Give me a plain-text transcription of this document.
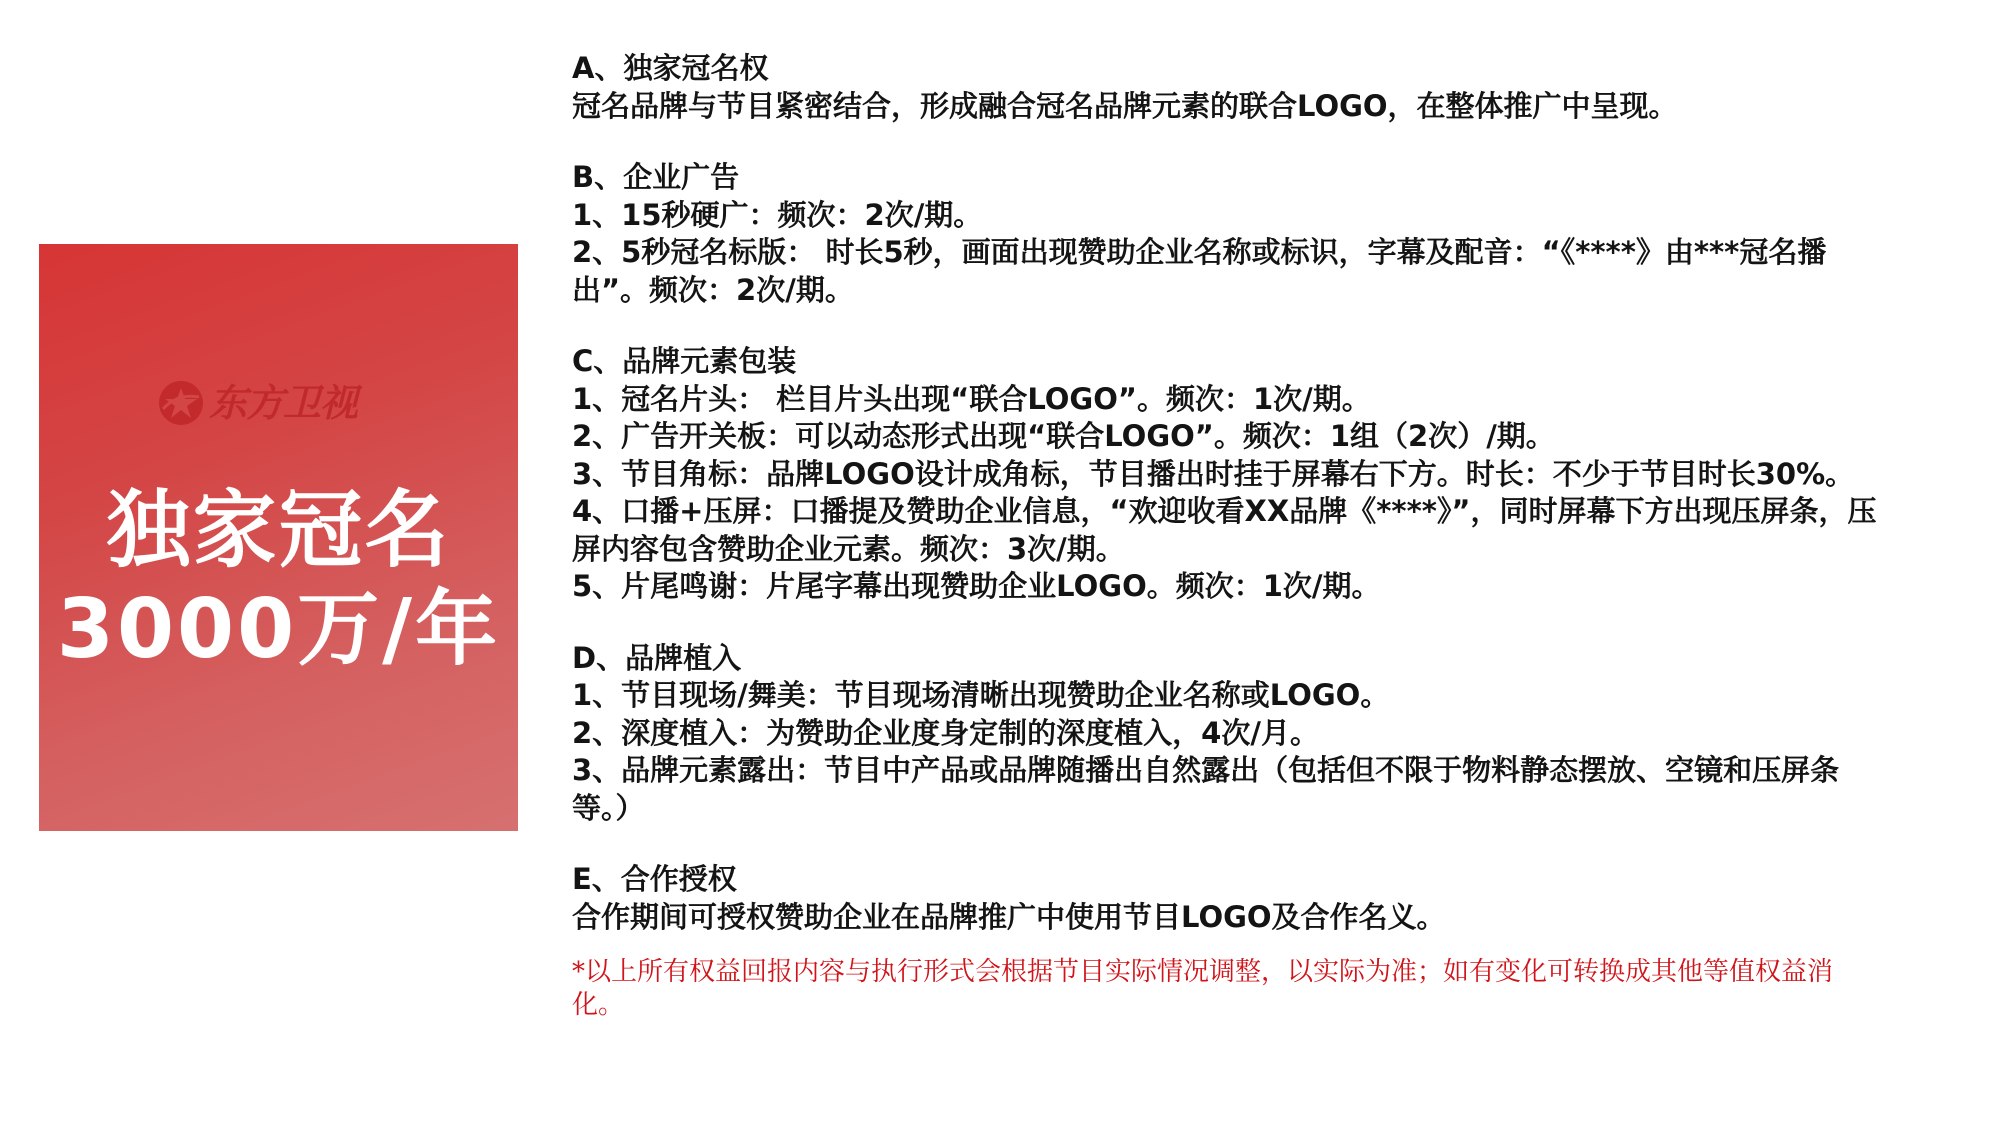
东方卫视
独家冠名
3000万/年

A、独家冠名权

冠名品牌与节目紧密结合，形成融合冠名品牌元素的联合LOGO，在整体推广中呈现。

B、企业广告

1、15秒硬广：频次：2次/期。

2、5秒冠名标版： 时长5秒，画面出现赞助企业名称或标识，字幕及配音：“《****》由***冠名播出”。频次：2次/期。

C、品牌元素包装

1、冠名片头： 栏目片头出现“联合LOGO”。频次：1次/期。

2、广告开关板：可以动态形式出现“联合LOGO”。频次：1组（2次）/期。

3、节目角标：品牌LOGO设计成角标，节目播出时挂于屏幕右下方。时长：不少于节目时长30%。

4、口播+压屏：口播提及赞助企业信息，“欢迎收看XX品牌《****》”，同时屏幕下方出现压屏条，压屏内容包含赞助企业元素。频次：3次/期。

5、片尾鸣谢：片尾字幕出现赞助企业LOGO。频次：1次/期。

D、品牌植入

1、节目现场/舞美：节目现场清晰出现赞助企业名称或LOGO。

2、深度植入：为赞助企业度身定制的深度植入，4次/月。

3、品牌元素露出：节目中产品或品牌随播出自然露出（包括但不限于物料静态摆放、空镜和压屏条等。）

E、合作授权

合作期间可授权赞助企业在品牌推广中使用节目LOGO及合作名义。

*以上所有权益回报内容与执行形式会根据节目实际情况调整，以实际为准；如有变化可转换成其他等值权益消化。
